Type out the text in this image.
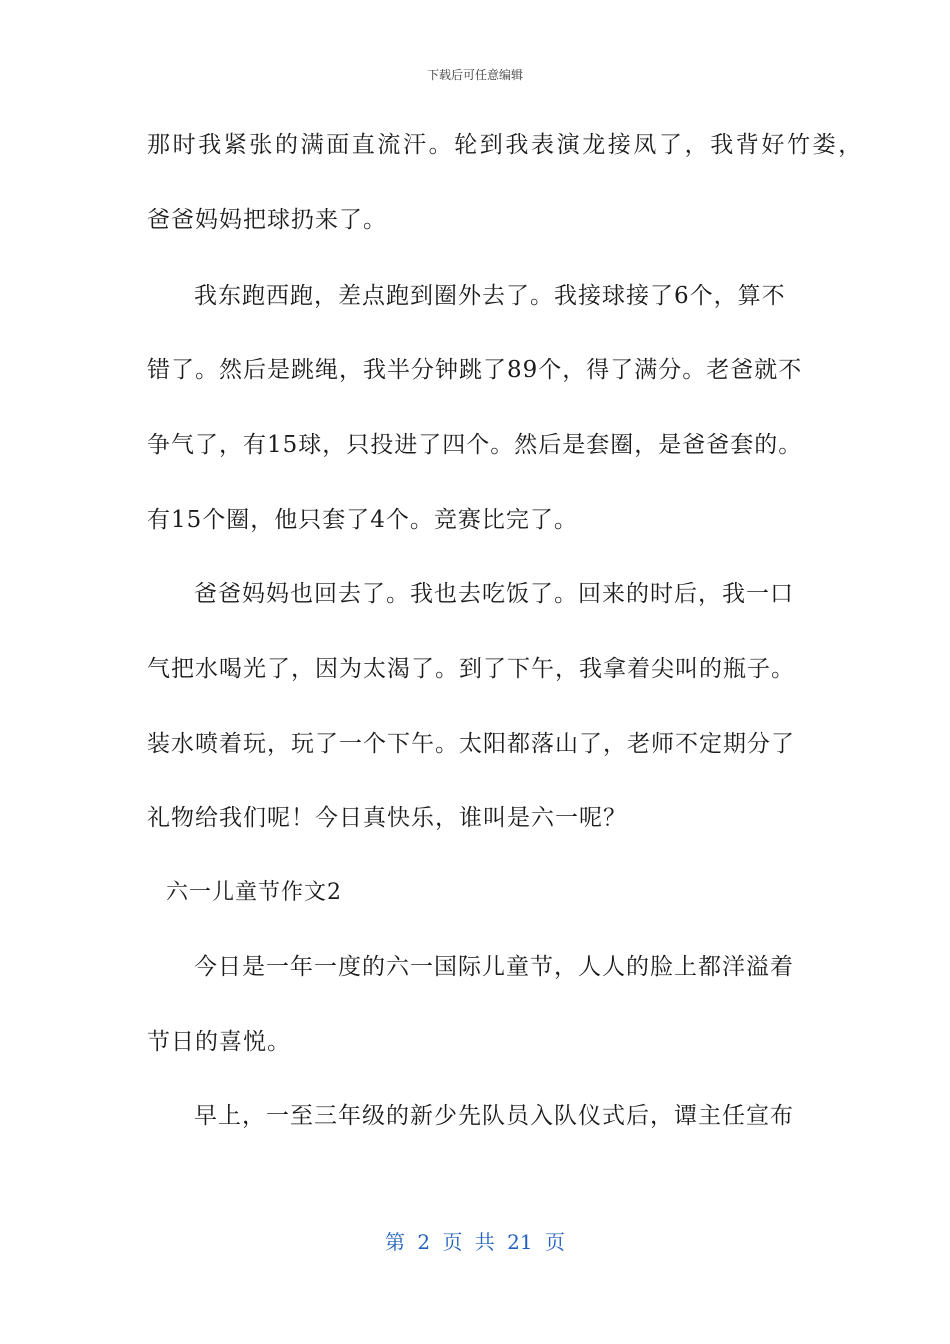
下载后可任意编辑
那时我紧张的满面直流汗。轮到我表演龙接凤了，我背好竹娄，
爸爸妈妈把球扔来了。
我东跑西跑，差点跑到圈外去了。我接球接了6个，算不
错了。然后是跳绳，我半分钟跳了89个，得了满分。老爸就不
争气了，有15球，只投进了四个。然后是套圈，是爸爸套的。
有15个圈，他只套了4个。竞赛比完了。
爸爸妈妈也回去了。我也去吃饭了。回来的时后，我一口
气把水喝光了，因为太渴了。到了下午，我拿着尖叫的瓶子。
装水喷着玩，玩了一个下午。太阳都落山了，老师不定期分了
礼物给我们呢！今日真快乐，谁叫是六一呢？
六一儿童节作文2
今日是一年一度的六一国际儿童节，人人的脸上都洋溢着
节日的喜悦。
早上，一至三年级的新少先队员入队仪式后，谭主任宣布
第 2 页 共 21 页
